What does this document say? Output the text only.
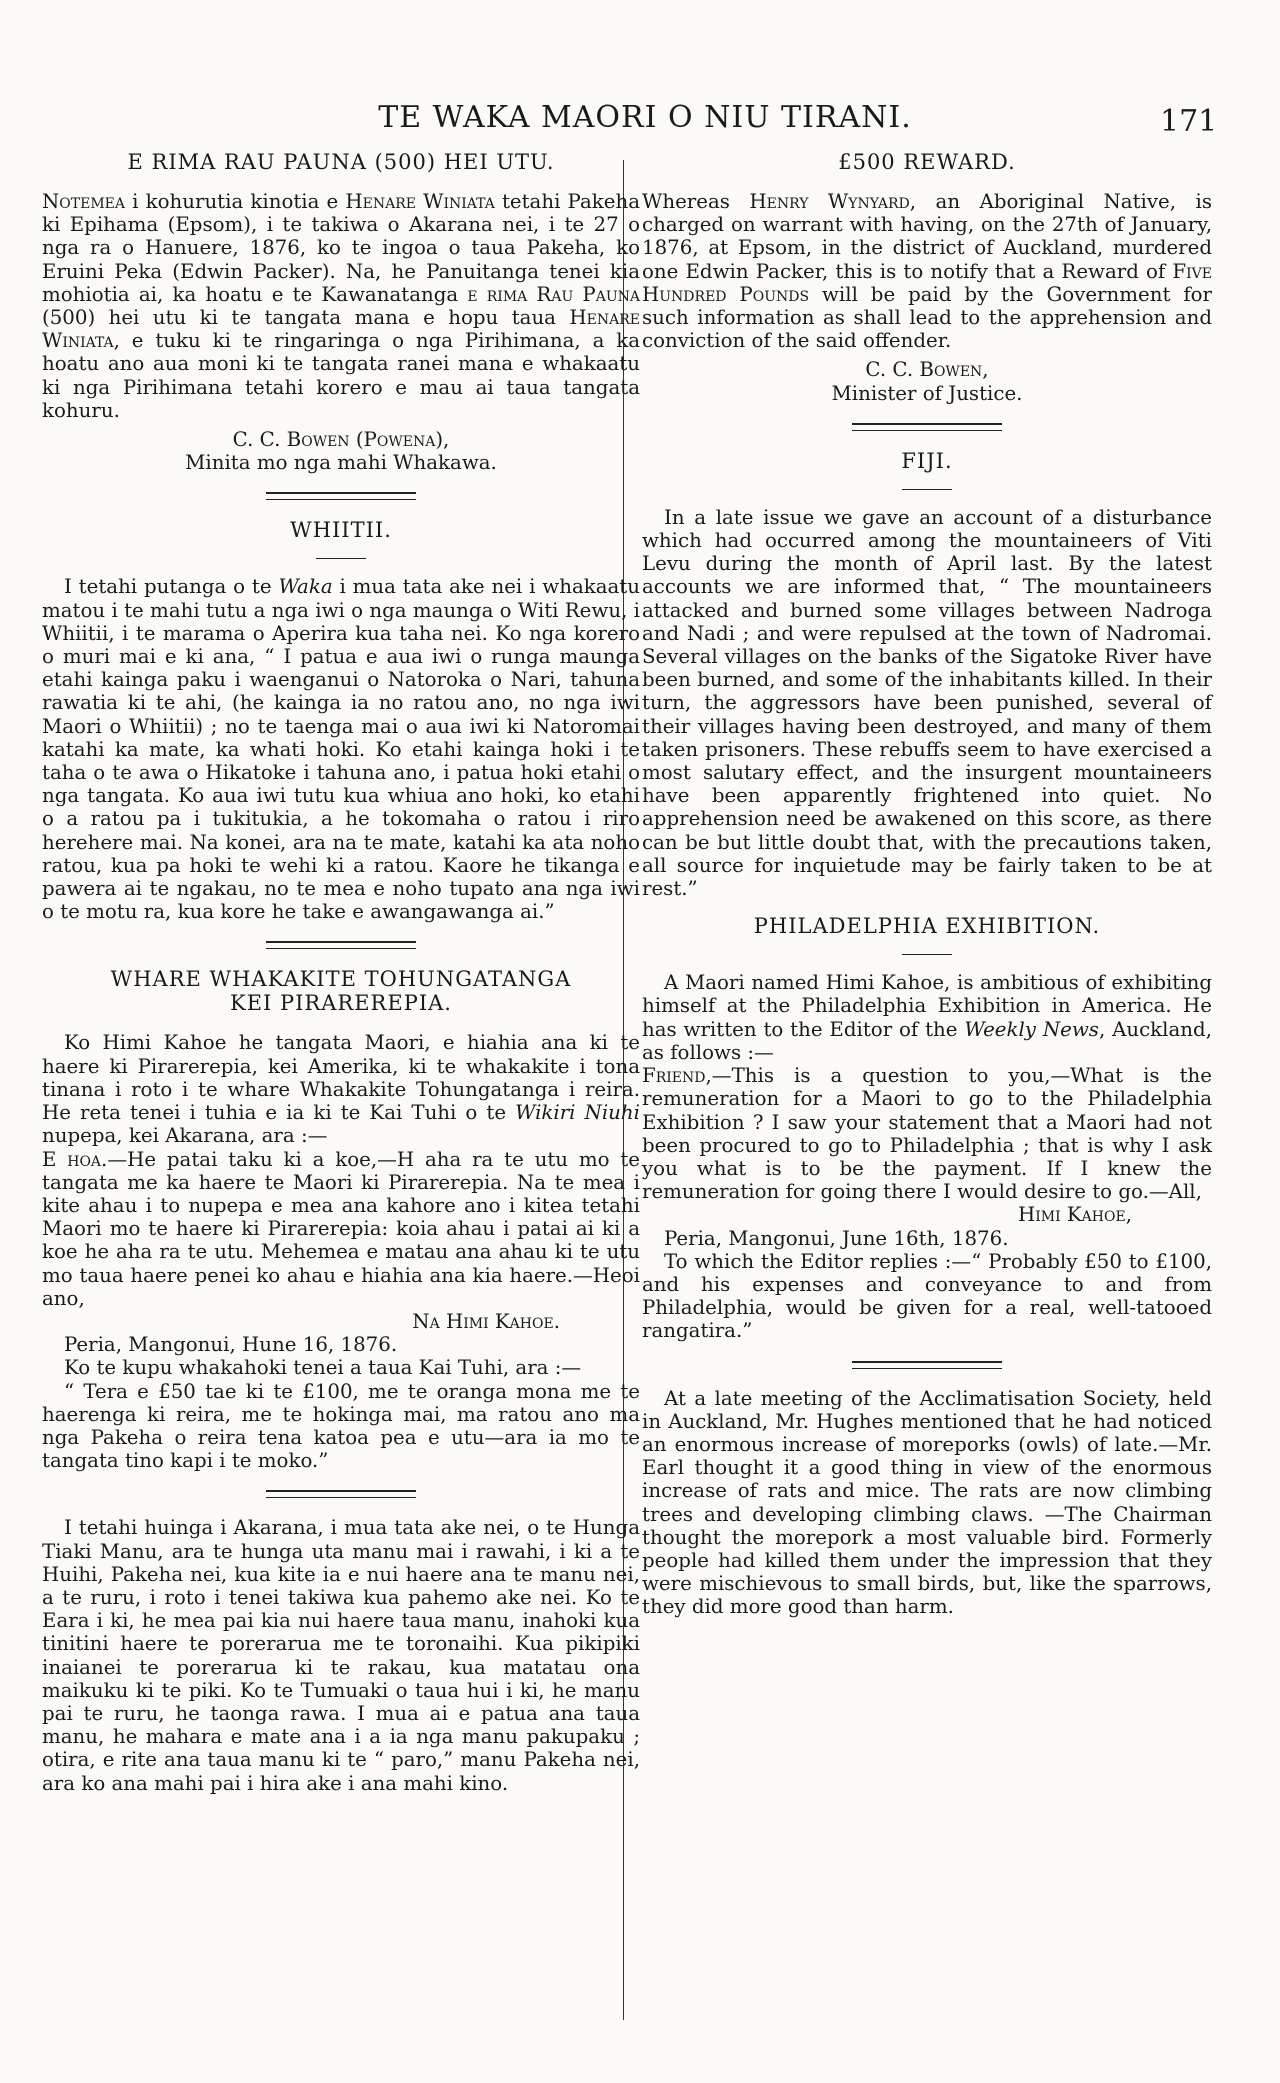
TE WAKA MAORI O NIU TIRANI.	171
E RIMA RAU PAUNA (500) HEI UTU.

Notemea i kohurutia kinotia e Henare Winiata tetahi Pakeha ki Epihama (Epsom), i te takiwa o Akarana nei, i te 27 o nga ra o Hanuere, 1876, ko te ingoa o taua Pakeha, ko Eruini Peka (Edwin Packer). Na, he Panuitanga tenei kia mohiotia ai, ka hoatu e te Kawanatanga e rima Rau Pauna (500) hei utu ki te tangata mana e hopu taua Henare Winiata, e tuku ki te ringaringa o nga Pirihimana, a ka hoatu ano aua moni ki te tangata ranei mana e whakaatu ki nga Pirihimana tetahi korero e mau ai taua tangata kohuru.

C. C. Bowen (Powena),
Minita mo nga mahi Whakawa.

WHIITII.

I tetahi putanga o te Waka i mua tata ake nei i whakaatu matou i te mahi tutu a nga iwi o nga maunga o Witi Rewu, i Whiitii, i te marama o Aperira kua taha nei. Ko nga korero o muri mai e ki ana, “ I patua e aua iwi o runga maunga etahi kainga paku i waenganui o Natoroka o Nari, tahuna rawatia ki te ahi, (he kainga ia no ratou ano, no nga iwi Maori o Whiitii) ; no te taenga mai o aua iwi ki Natoromai katahi ka mate, ka whati hoki. Ko etahi kainga hoki i te taha o te awa o Hikatoke i tahuna ano, i patua hoki etahi o nga tangata. Ko aua iwi tutu kua whiua ano hoki, ko etahi o a ratou pa i tukitukia, a he tokomaha o ratou i riro herehere mai. Na konei, ara na te mate, katahi ka ata noho ratou, kua pa hoki te wehi ki a ratou. Kaore he tikanga e pawera ai te ngakau, no te mea e noho tupato ana nga iwi o te motu ra, kua kore he take e awangawanga ai.”

WHARE WHAKAKITE TOHUNGATANGA
KEI PIRAREREPIA.

Ko Himi Kahoe he tangata Maori, e hiahia ana ki te haere ki Pirarerepia, kei Amerika, ki te whakakite i tona tinana i roto i te whare Whakakite Tohungatanga i reira. He reta tenei i tuhia e ia ki te Kai Tuhi o te Wikiri Niuhi nupepa, kei Akarana, ara :—

E hoa.—He patai taku ki a koe,—H aha ra te utu mo te tangata me ka haere te Maori ki Pirarerepia. Na te mea i kite ahau i to nupepa e mea ana kahore ano i kitea tetahi Maori mo te haere ki Pirarerepia: koia ahau i patai ai ki a koe he aha ra te utu. Mehemea e matau ana ahau ki te utu mo taua haere penei ko ahau e hiahia ana kia haere.—Heoi ano,

Na Himi Kahoe.

Peria, Mangonui, Hune 16, 1876.

Ko te kupu whakahoki tenei a taua Kai Tuhi, ara :—

“ Tera e £50 tae ki te £100, me te oranga mona me te haerenga ki reira, me te hokinga mai, ma ratou ano ma nga Pakeha o reira tena katoa pea e utu—ara ia mo te tangata tino kapi i te moko.”

I tetahi huinga i Akarana, i mua tata ake nei, o te Hunga Tiaki Manu, ara te hunga uta manu mai i rawahi, i ki a te Huihi, Pakeha nei, kua kite ia e nui haere ana te manu nei, a te ruru, i roto i tenei takiwa kua pahemo ake nei. Ko te Eara i ki, he mea pai kia nui haere taua manu, inahoki kua tinitini haere te porerarua me te toronaihi. Kua pikipiki inaianei te porerarua ki te rakau, kua matatau ona maikuku ki te piki. Ko te Tumuaki o taua hui i ki, he manu pai te ruru, he taonga rawa. I mua ai e patua ana taua manu, he mahara e mate ana i a ia nga manu pakupaku ; otira, e rite ana taua manu ki te “ paro,” manu Pakeha nei, ara ko ana mahi pai i hira ake i ana mahi kino.

£500 REWARD.

Whereas Henry Wynyard, an Aboriginal Native, is charged on warrant with having, on the 27th of January, 1876, at Epsom, in the district of Auckland, murdered one Edwin Packer, this is to notify that a Reward of Five Hundred Pounds will be paid by the Government for such information as shall lead to the apprehension and conviction of the said offender.

C. C. Bowen,
Minister of Justice.

FIJI.

In a late issue we gave an account of a disturbance which had occurred among the mountaineers of Viti Levu during the month of April last. By the latest accounts we are informed that, “ The mountaineers attacked and burned some villages between Nadroga and Nadi ; and were repulsed at the town of Nadromai. Several villages on the banks of the Sigatoke River have been burned, and some of the inhabitants killed. In their turn, the aggressors have been punished, several of their villages having been destroyed, and many of them taken prisoners. These rebuffs seem to have exercised a most salutary effect, and the insurgent mountaineers have been apparently frightened into quiet. No apprehension need be awakened on this score, as there can be but little doubt that, with the precautions taken, all source for inquietude may be fairly taken to be at rest.”

PHILADELPHIA EXHIBITION.

A Maori named Himi Kahoe, is ambitious of exhibiting himself at the Philadelphia Exhibition in America. He has written to the Editor of the Weekly News, Auckland, as follows :—

Friend,—This is a question to you,—What is the remuneration for a Maori to go to the Philadelphia Exhibition ? I saw your statement that a Maori had not been procured to go to Philadelphia ; that is why I ask you what is to be the payment. If I knew the remuneration for going there I would desire to go.—All,

Himi Kahoe,

Peria, Mangonui, June 16th, 1876.

To which the Editor replies :—“ Probably £50 to £100, and his expenses and conveyance to and from Philadelphia, would be given for a real, well-tatooed rangatira.”

At a late meeting of the Acclimatisation Society, held in Auckland, Mr. Hughes mentioned that he had noticed an enormous increase of moreporks (owls) of late.—Mr. Earl thought it a good thing in view of the enormous increase of rats and mice. The rats are now climbing trees and developing climbing claws. —The Chairman thought the morepork a most valuable bird. Formerly people had killed them under the impression that they were mischievous to small birds, but, like the sparrows, they did more good than harm.
